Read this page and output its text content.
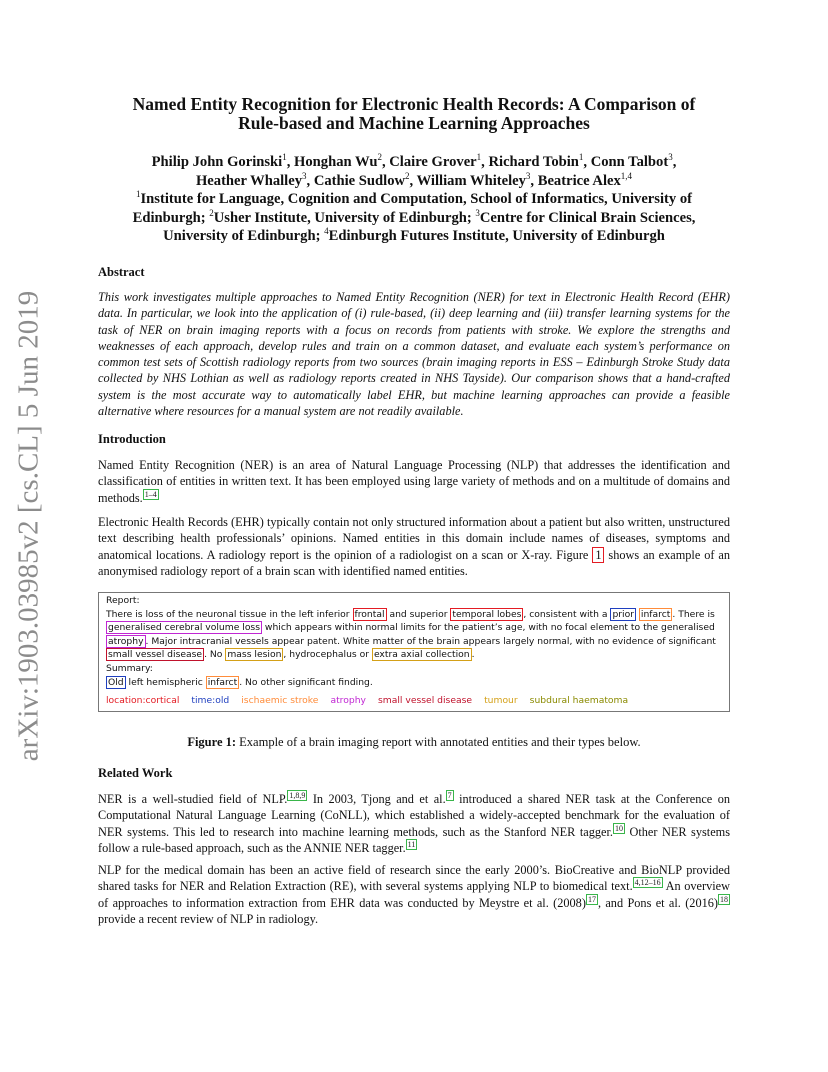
arXiv:1903.03985v2 [cs.CL] 5 Jun 2019
Named Entity Recognition for Electronic Health Records: A Comparison of
Rule-based and Machine Learning Approaches
Philip John Gorinski$^1$, Honghan Wu$^2$, Claire Grover$^1$, Richard Tobin$^1$, Conn Talbot$^3$,
Heather Whalley$^3$, Cathie Sudlow$^2$, William Whiteley$^3$, Beatrice Alex$^{1,4}$
$^1$Institute for Language, Cognition and Computation, School of Informatics, University of
Edinburgh; $^2$Usher Institute, University of Edinburgh; $^3$Centre for Clinical Brain Sciences,
University of Edinburgh; $^4$Edinburgh Futures Institute, University of Edinburgh
Abstract
This work investigates multiple approaches to Named Entity Recognition (NER) for text in Electronic Health Record (EHR) data. In particular, we look into the application of (i) rule-based, (ii) deep learning and (iii) transfer learning systems for the task of NER on brain imaging reports with a focus on records from patients with stroke. We explore the strengths and weaknesses of each approach, develop rules and train on a common dataset, and evaluate each system’s performance on common test sets of Scottish radiology reports from two sources (brain imaging reports in ESS – Edinburgh Stroke Study data collected by NHS Lothian as well as radiology reports created in NHS Tayside). Our comparison shows that a hand-crafted system is the most accurate way to automatically label EHR, but machine learning approaches can provide a feasible alternative where resources for a manual system are not readily available.
Introduction
Named Entity Recognition (NER) is an area of Natural Language Processing (NLP) that addresses the identification and classification of entities in written text. It has been employed using large variety of methods and on a multitude of domains and methods. $^{1-4}$
Electronic Health Records (EHR) typically contain not only structured information about a patient but also written, unstructured text describing health professionals’ opinions. Named entities in this domain include names of diseases, symptoms and anatomical locations. A radiology report is the opinion of a radiologist on a scan or X-ray. Figure 1 shows an example of an anonymised radiology report of a brain scan with identified named entities.
Report:
There is loss of the neuronal tissue in the left inferior frontal and superior temporal lobes , consistent with a prior infarct . There is
generalised cerebral volume loss which appears within normal limits for the patient’s age, with no focal element to the generalised
atrophy . Major intracranial vessels appear patent. White matter of the brain appears largely normal, with no evidence of significant
small vessel disease . No mass lesion , hydrocephalus or extra axial collection .
Summary:
Old left hemispheric infarct . No other significant finding.
location:cortical time:old ischaemic stroke atrophy small vessel disease tumour subdural haematoma
Figure 1: Example of a brain imaging report with annotated entities and their types below.
Related Work
NER is a well-studied field of NLP. $^{1,8,9}$ In 2003, Tjong and et al. $^7$ introduced a shared NER task at the Conference on Computational Natural Language Learning (CoNLL), which established a widely-accepted benchmark for the evaluation of NER systems. This led to research into machine learning methods, such as the Stanford NER tagger. $^{10}$ Other NER systems follow a rule-based approach, such as the ANNIE NER tagger. $^{11}$
NLP for the medical domain has been an active field of research since the early 2000’s. BioCreative and BioNLP provided shared tasks for NER and Relation Extraction (RE), with several systems applying NLP to biomedical text. $^{4,12-16}$ An overview of approaches to information extraction from EHR data was conducted by Meystre et al. (2008) $^{17}$ , and Pons et al. (2016) $^{18}$ provide a recent review of NLP in radiology.
